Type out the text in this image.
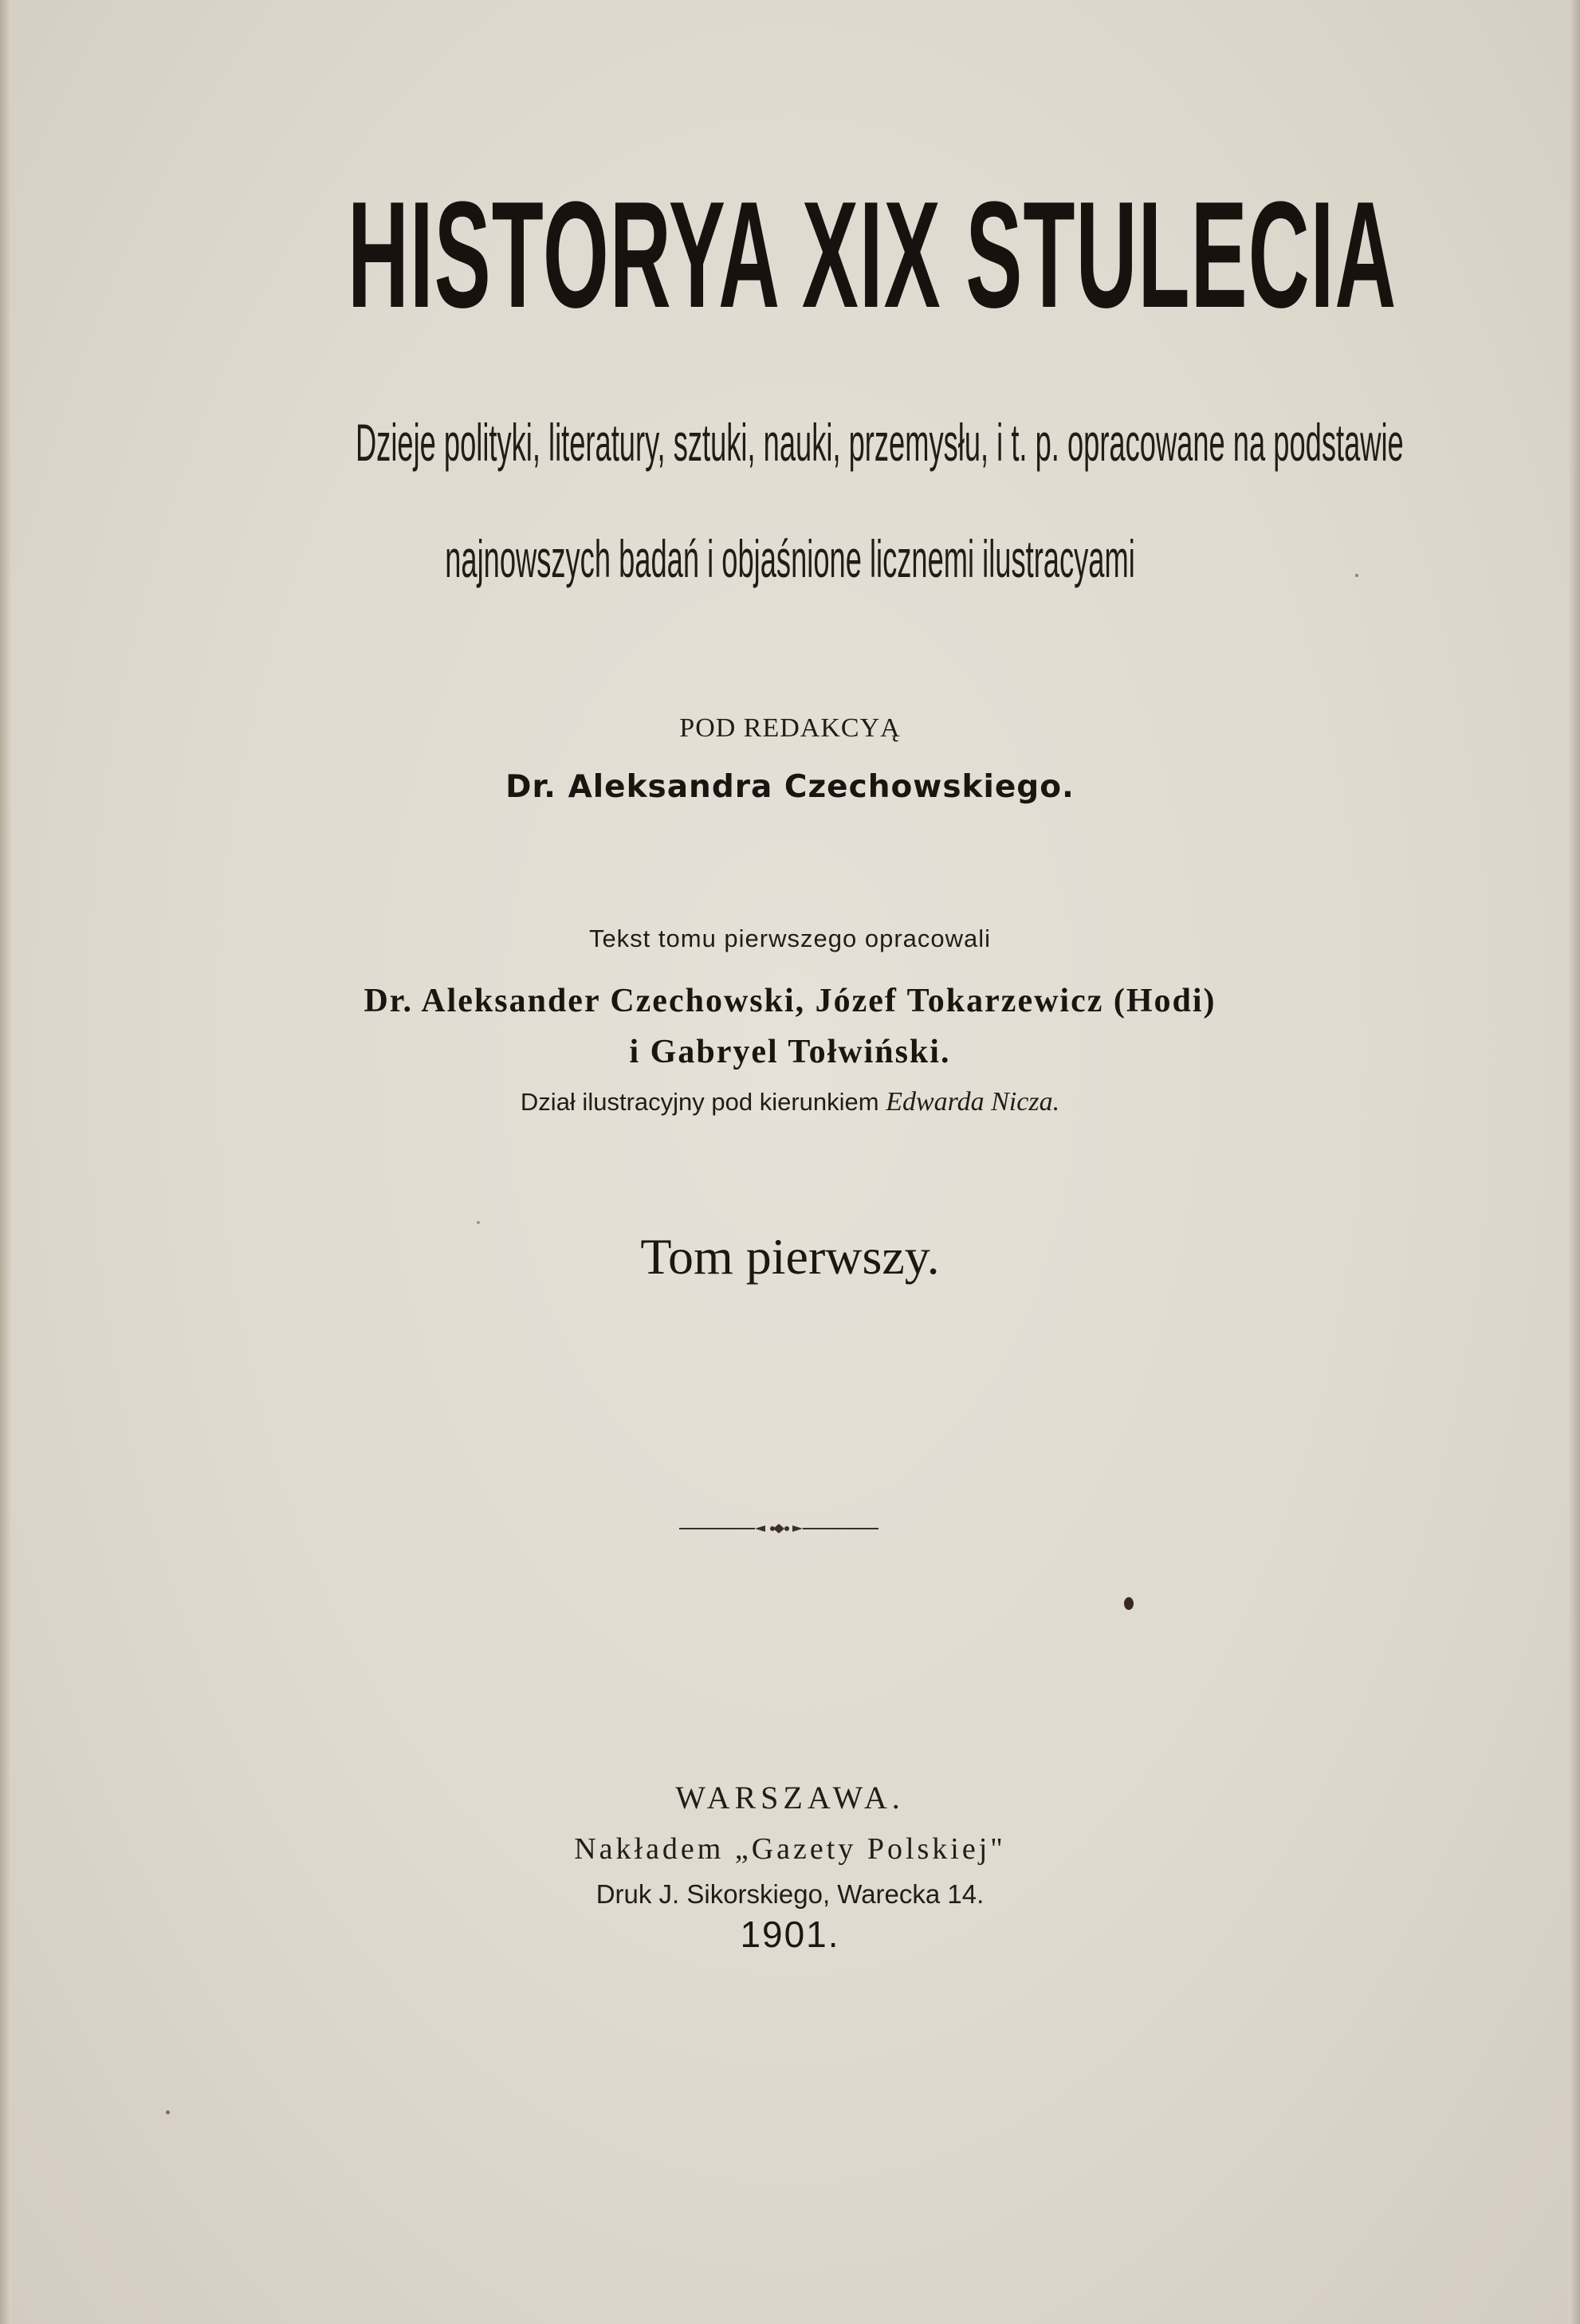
HISTORYA XIX STULECIA
Dzieje polityki, literatury, sztuki, nauki, przemysłu, i t. p. opracowane na podstawie
najnowszych badań i objaśnione licznemi ilustracyami
POD REDAKCYĄ
Dr. Aleksandra Czechowskiego.
Tekst tomu pierwszego opracowali
Dr. Aleksander Czechowski, Józef Tokarzewicz (Hodi)
i Gabryel Tołwiński.
Dział ilustracyjny pod kierunkiem Edwarda Nicza.
Tom pierwszy.
WARSZAWA.
Nakładem „Gazety Polskiej"
Druk J. Sikorskiego, Warecka 14.
1901.
